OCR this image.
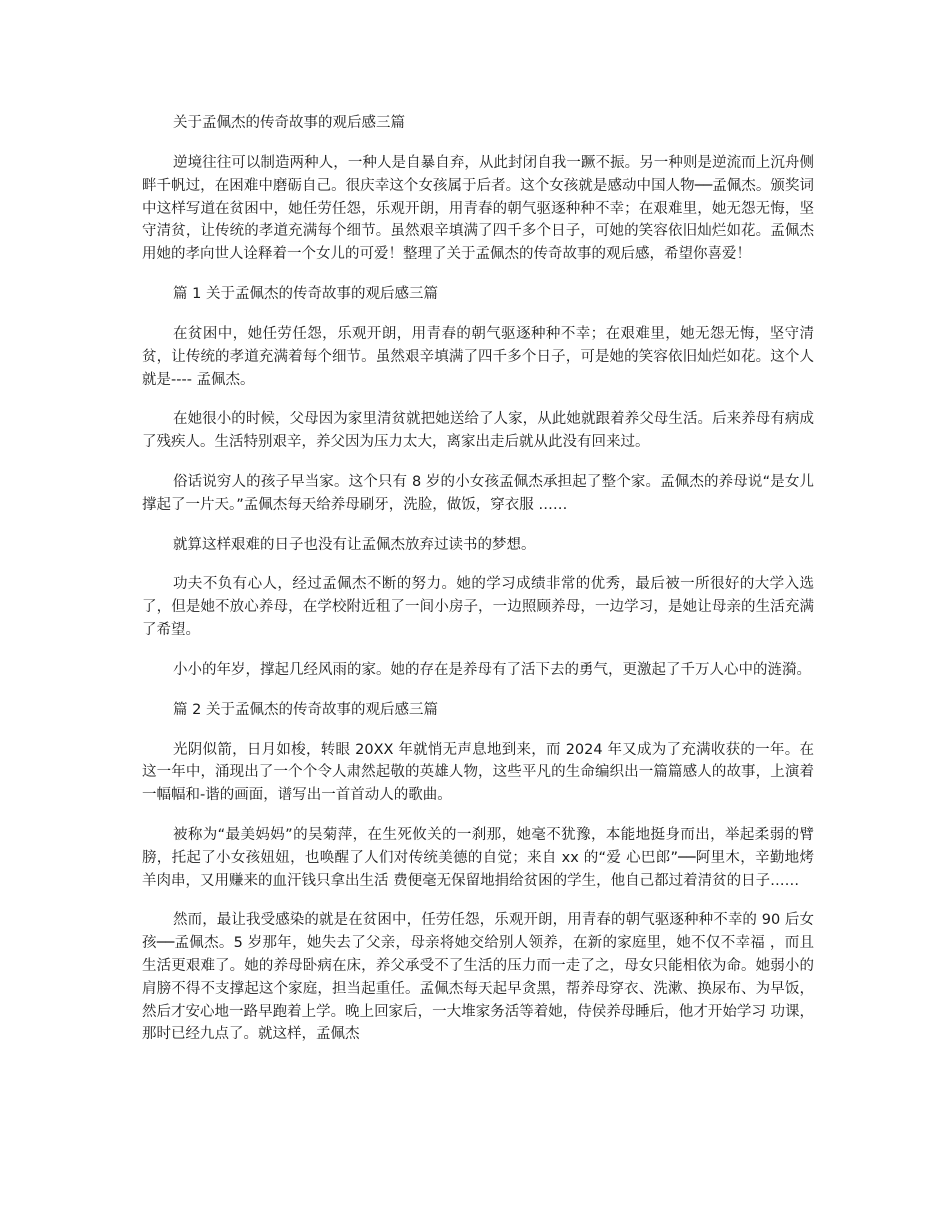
关于孟佩杰的传奇故事的观后感三篇

逆境往往可以制造两种人，一种人是自暴自弃，从此封闭自我一蹶不振。另一种则是逆流而上沉舟侧畔千帆过，在困难中磨砺自己。很庆幸这个女孩属于后者。这个女孩就是感动中国人物──孟佩杰。颁奖词中这样写道在贫困中，她任劳任怨，乐观开朗，用青春的朝气驱逐种种不幸；在艰难里，她无怨无悔，坚守清贫，让传统的孝道充满每个细节。虽然艰辛填满了四千多个日子，可她的笑容依旧灿烂如花。孟佩杰用她的孝向世人诠释着一个女儿的可爱！整理了关于孟佩杰的传奇故事的观后感，希望你喜爱！

篇 1 关于孟佩杰的传奇故事的观后感三篇

在贫困中，她任劳任怨，乐观开朗，用青春的朝气驱逐种种不幸；在艰难里，她无怨无悔，坚守清贫，让传统的孝道充满着每个细节。虽然艰辛填满了四千多个日子，可是她的笑容依旧灿烂如花。这个人就是---- 孟佩杰。

在她很小的时候，父母因为家里清贫就把她送给了人家，从此她就跟着养父母生活。后来养母有病成了残疾人。生活特别艰辛，养父因为压力太大，离家出走后就从此没有回来过。

俗话说穷人的孩子早当家。这个只有 8 岁的小女孩孟佩杰承担起了整个家。孟佩杰的养母说“是女儿撑起了一片天。”孟佩杰每天给养母刷牙，洗脸，做饭，穿衣服 ……

就算这样艰难的日子也没有让孟佩杰放弃过读书的梦想。

功夫不负有心人，经过孟佩杰不断的努力。她的学习成绩非常的优秀，最后被一所很好的大学入选了，但是她不放心养母，在学校附近租了一间小房子，一边照顾养母，一边学习，是她让母亲的生活充满了希望。

小小的年岁，撑起几经风雨的家。她的存在是养母有了活下去的勇气，更激起了千万人心中的涟漪。

篇 2 关于孟佩杰的传奇故事的观后感三篇

光阴似箭，日月如梭，转眼 20XX 年就悄无声息地到来，而 2024 年又成为了充满收获的一年。在这一年中，涌现出了一个个令人肃然起敬的英雄人物，这些平凡的生命编织出一篇篇感人的故事，上演着一幅幅和-谐的画面，谱写出一首首动人的歌曲。

被称为“最美妈妈”的吴菊萍，在生死攸关的一刹那，她毫不犹豫，本能地挺身而出，举起柔弱的臂膀，托起了小女孩妞妞，也唤醒了人们对传统美德的自觉；来自 xx 的“爱 心巴郎”──阿里木，辛勤地烤羊肉串，又用赚来的血汗钱只拿出生活 费便毫无保留地捐给贫困的学生，他自己都过着清贫的日子……

然而，最让我受感染的就是在贫困中，任劳任怨，乐观开朗，用青春的朝气驱逐种种不幸的 90 后女孩──孟佩杰。5 岁那年，她失去了父亲，母亲将她交给别人领养，在新的家庭里，她不仅不幸福 ，而且生活更艰难了。她的养母卧病在床，养父承受不了生活的压力而一走了之，母女只能相依为命。她弱小的肩膀不得不支撑起这个家庭，担当起重任。孟佩杰每天起早贪黑，帮养母穿衣、洗漱、换尿布、为早饭，然后才安心地一路早跑着上学。晚上回家后，一大堆家务活等着她，侍侯养母睡后，他才开始学习 功课，那时已经九点了。就这样，孟佩杰
